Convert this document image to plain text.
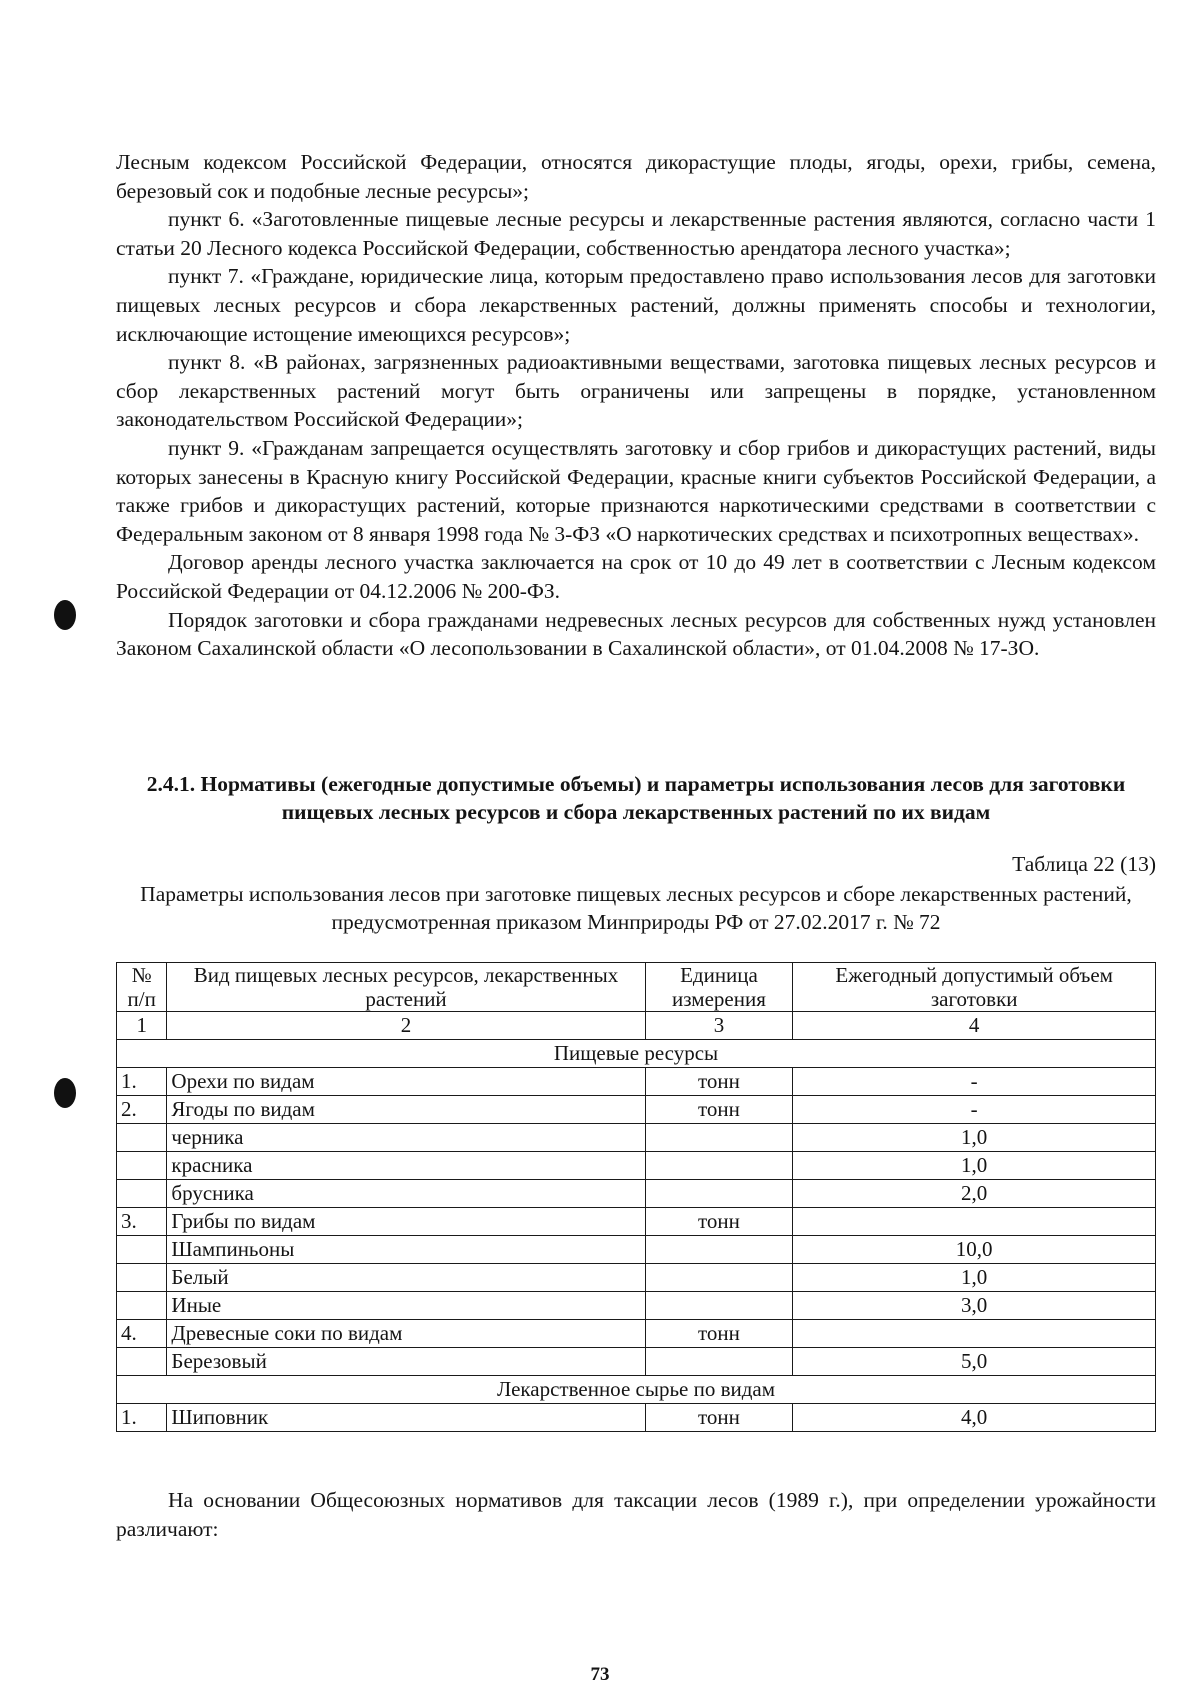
Лесным кодексом Российской Федерации, относятся дикорастущие плоды, ягоды, орехи, грибы, семена, березовый сок и подобные лесные ресурсы»;

пункт 6. «Заготовленные пищевые лесные ресурсы и лекарственные растения являются, согласно части 1 статьи 20 Лесного кодекса Российской Федерации, собственностью арендатора лесного участка»;

пункт 7. «Граждане, юридические лица, которым предоставлено право использования лесов для заготовки пищевых лесных ресурсов и сбора лекарственных растений, должны применять способы и технологии, исключающие истощение имеющихся ресурсов»;

пункт 8. «В районах, загрязненных радиоактивными веществами, заготовка пищевых лесных ресурсов и сбор лекарственных растений могут быть ограничены или запрещены в порядке, установленном законодательством Российской Федерации»;

пункт 9. «Гражданам запрещается осуществлять заготовку и сбор грибов и дикорастущих растений, виды которых занесены в Красную книгу Российской Федерации, красные книги субъектов Российской Федерации, а также грибов и дикорастущих растений, которые признаются наркотическими средствами в соответствии с Федеральным законом от 8 января 1998 года № 3-ФЗ «О наркотических средствах и психотропных веществах».

Договор аренды лесного участка заключается на срок от 10 до 49 лет в соответствии с Лесным кодексом Российской Федерации от 04.12.2006 № 200-ФЗ.

Порядок заготовки и сбора гражданами недревесных лесных ресурсов для собственных нужд установлен Законом Сахалинской области «О лесопользовании в Сахалинской области», от 01.04.2008 № 17-ЗО.

2.4.1. Нормативы (ежегодные допустимые объемы) и параметры использования лесов для заготовки пищевых лесных ресурсов и сбора лекарственных растений по их видам
Таблица 22 (13)
Параметры использования лесов при заготовке пищевых лесных ресурсов и сборе лекарственных растений, предусмотренная приказом Минприроды РФ от 27.02.2017 г. № 72
№ п/п	Вид пищевых лесных ресурсов, лекарственных растений	Единица измерения	Ежегодный допустимый объем заготовки
1	2	3	4
Пищевые ресурсы			
1.	Орехи по видам	тонн	-
2.	Ягоды по видам	тонн	-
	черника		1,0
	красника		1,0
	брусника		2,0
3.	Грибы по видам	тонн	
	Шампиньоны		10,0
	Белый		1,0
	Иные		3,0
4.	Древесные соки по видам	тонн	
	Березовый		5,0
Лекарственное сырье по видам			
1.	Шиповник	тонн	4,0
На основании Общесоюзных нормативов для таксации лесов (1989 г.), при определении урожайности различают:
73
